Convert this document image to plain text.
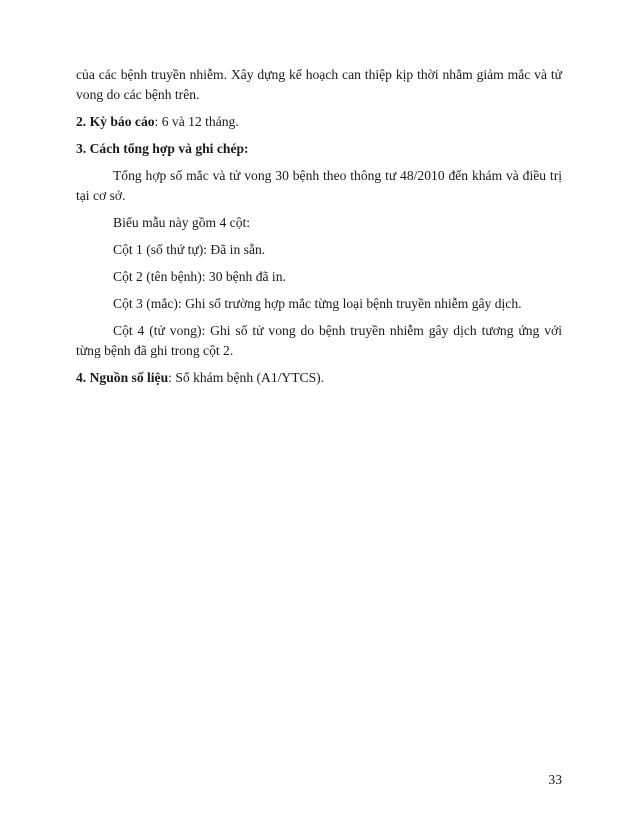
của các bệnh truyền nhiễm. Xây dựng kế hoạch can thiệp kịp thời nhằm giảm mắc và tử vong do các bệnh trên.

2. Kỳ báo cáo: 6 và 12 tháng.

3. Cách tổng hợp và ghi chép:

Tổng hợp số mắc và tử vong 30 bệnh theo thông tư 48/2010 đến khám và điều trị tại cơ sở.

Biểu mẫu này gồm 4 cột:

Cột 1 (số thứ tự): Đã in sẵn.

Cột 2 (tên bệnh): 30 bệnh đã in.

Cột 3 (mắc): Ghi số trường hợp mắc từng loại bệnh truyền nhiễm gây dịch.

Cột 4 (tử vong): Ghi số tử vong do bệnh truyền nhiễm gây dịch tương ứng với từng bệnh đã ghi trong cột 2.

4. Nguồn số liệu: Sổ khám bệnh (A1/YTCS).

33
